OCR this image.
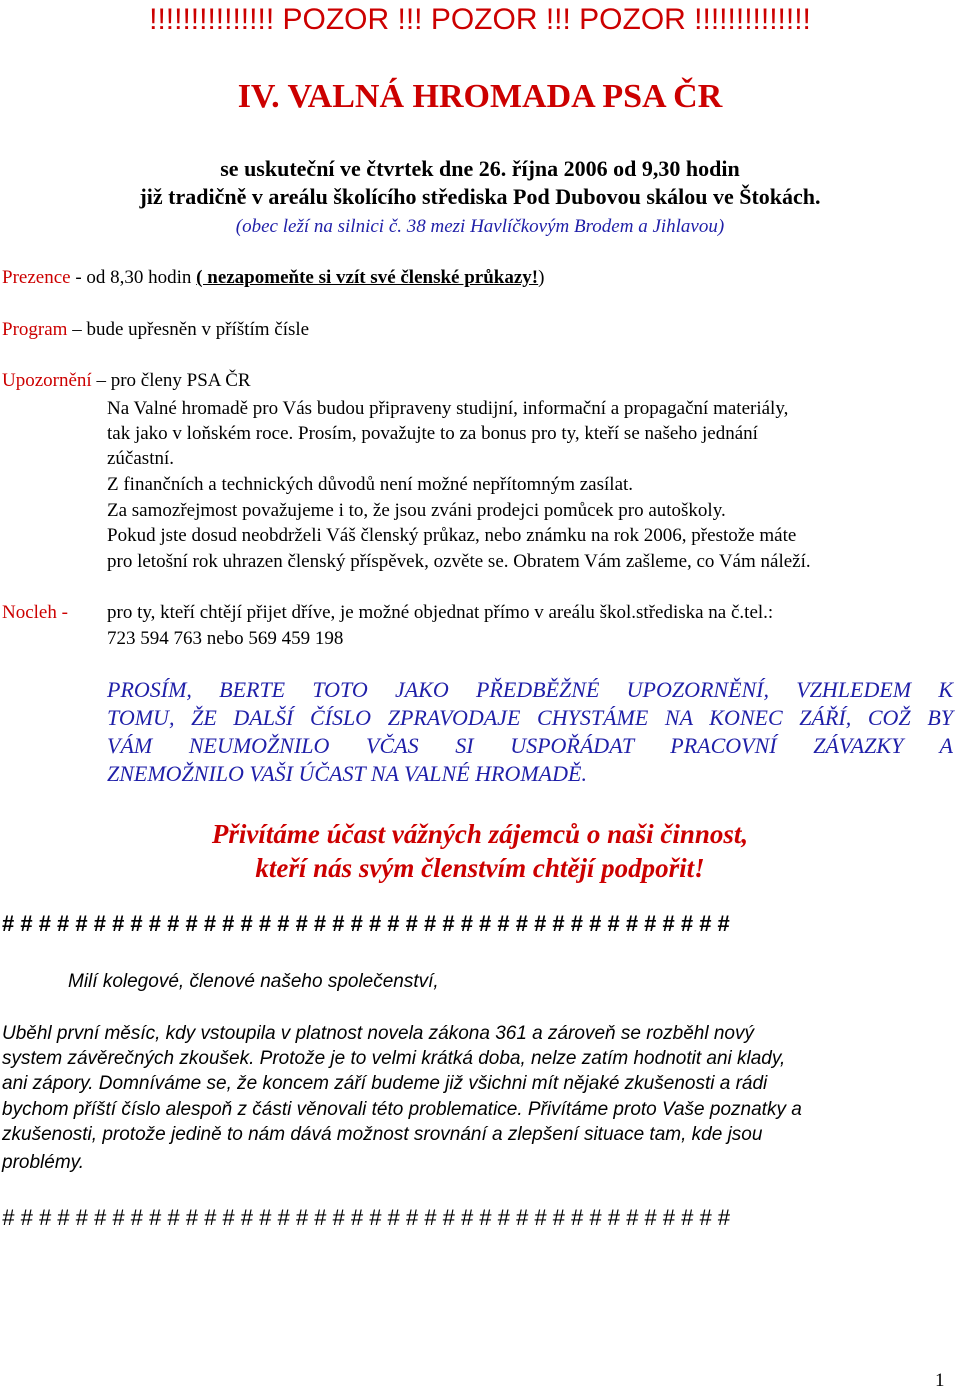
!!!!!!!!!!!!!!! POZOR !!! POZOR !!! POZOR !!!!!!!!!!!!!!
IV. VALNÁ HROMADA PSA ČR
se uskuteční ve čtvrtek dne 26. října 2006 od 9,30 hodin
již tradičně v areálu školícího střediska Pod Dubovou skálou ve Štokách.
(obec leží na silnici č. 38 mezi Havlíčkovým Brodem a Jihlavou)
Prezence - od 8,30 hodin ( nezapomeňte si vzít své členské průkazy!)
Program – bude upřesněn v příštím čísle
Upozornění – pro členy PSA ČR
Na Valné hromadě pro Vás budou připraveny studijní, informační a propagační materiály,
tak jako v loňském roce. Prosím, považujte to za bonus pro ty, kteří se našeho jednání
zúčastní.
Z finančních a technických důvodů není možné nepřítomným zasílat.
Za samozřejmost považujeme i to, že jsou zváni prodejci pomůcek pro autoškoly.
Pokud jste dosud neobdrželi Váš členský průkaz, nebo známku na rok 2006, přestože máte
pro letošní rok uhrazen členský příspěvek, ozvěte se. Obratem Vám zašleme, co Vám náleží.
Nocleh - pro ty, kteří chtějí přijet dříve, je možné objednat přímo v areálu škol.střediska na č.tel.:
723 594 763 nebo 569 459 198
PROSÍM, BERTE TOTO JAKO PŘEDBĚŽNÉ UPOZORNĚNÍ, VZHLEDEM K
TOMU, ŽE DALŠÍ ČÍSLO ZPRAVODAJE CHYSTÁME NA KONEC ZÁŘÍ, COŽ BY
VÁM NEUMOŽNILO VČAS SI USPOŘÁDAT PRACOVNÍ ZÁVAZKY A
ZNEMOŽNILO VAŠI ÚČAST NA VALNÉ HROMADĚ.
Přivítáme účast vážných zájemců o naši činnost,
kteří nás svým členstvím chtějí podpořit!
# # # # # # # # # # # # # # # # # # # # # # # # # # # # # # # # # # # # # # # #
Milí kolegové, členové našeho společenství,
Uběhl první měsíc, kdy vstoupila v platnost novela zákona 361 a zároveň se rozběhl nový
system závěrečných zkoušek. Protože je to velmi krátká doba, nelze zatím hodnotit ani klady,
ani zápory. Domníváme se, že koncem září budeme již všichni mít nějaké zkušenosti a rádi
bychom příští číslo alespoň z části věnovali této problematice. Přivítáme proto Vaše poznatky a
zkušenosti, protože jedině to nám dává možnost srovnání a zlepšení situace tam, kde jsou
problémy.
# # # # # # # # # # # # # # # # # # # # # # # # # # # # # # # # # # # # # # # #
1
